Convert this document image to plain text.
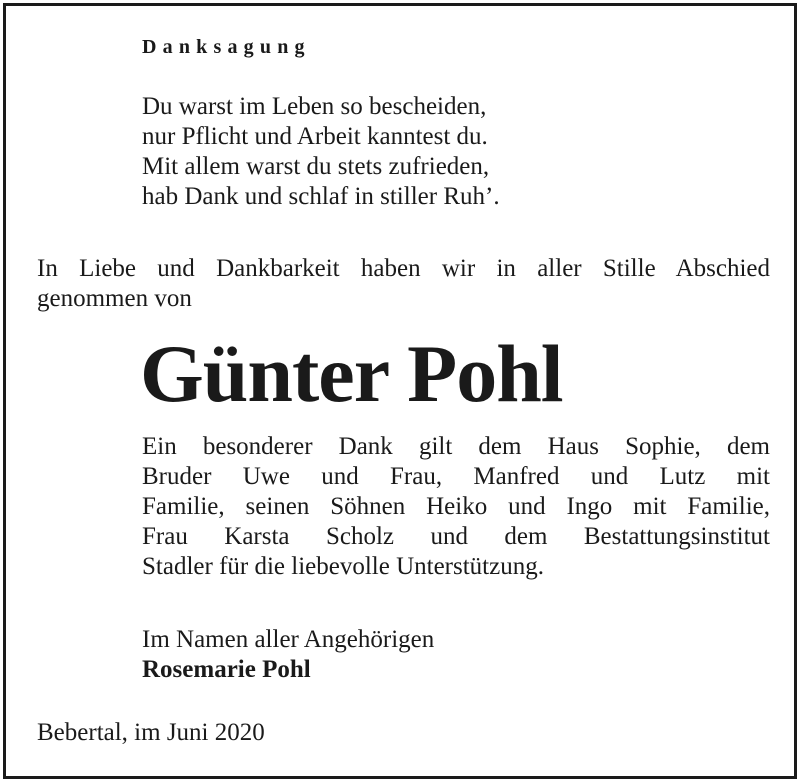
Danksagung
Du warst im Leben so bescheiden,
nur Pflicht und Arbeit kanntest du.
Mit allem warst du stets zufrieden,
hab Dank und schlaf in stiller Ruh’.
In Liebe und Dankbarkeit haben wir in aller Stille Abschied
genommen von
Günter Pohl
Ein besonderer Dank gilt dem Haus Sophie, dem
Bruder Uwe und Frau, Manfred und Lutz mit
Familie, seinen Söhnen Heiko und Ingo mit Familie,
Frau Karsta Scholz und dem Bestattungsinstitut
Stadler für die liebevolle Unterstützung.
Im Namen aller Angehörigen
Rosemarie Pohl
Bebertal, im Juni 2020
